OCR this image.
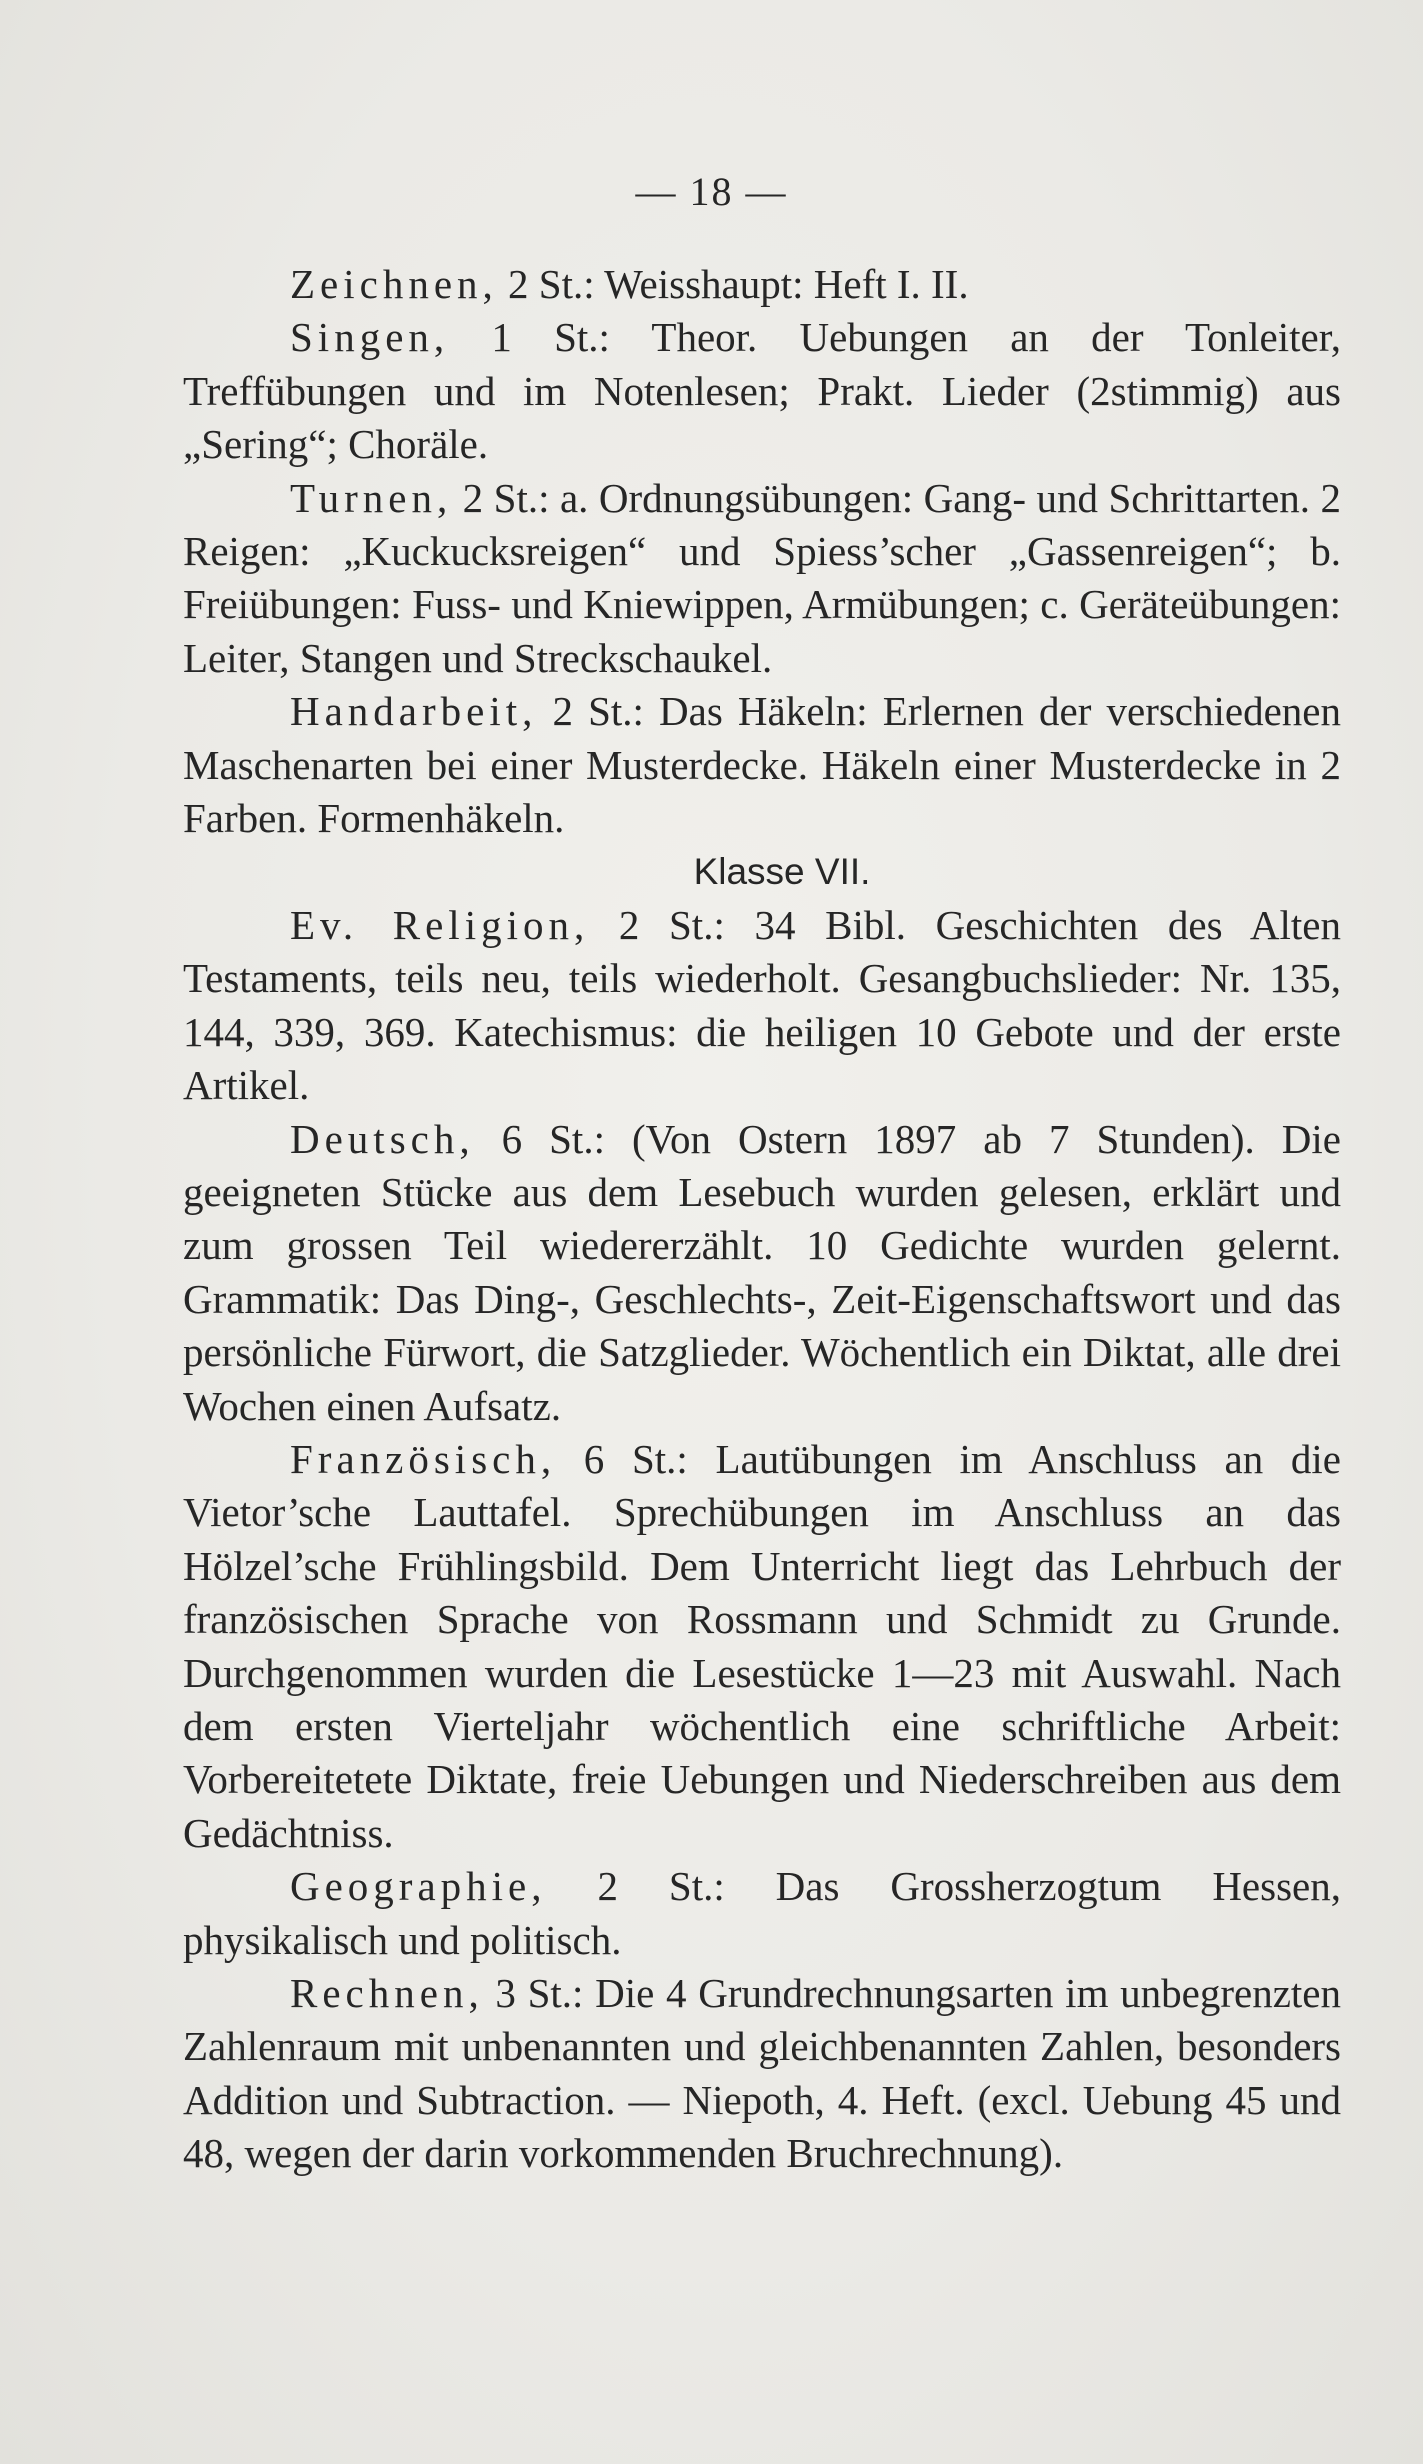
— 18 —

Zeichnen, 2 St.: Weisshaupt: Heft I. II.

Singen, 1 St.: Theor. Uebungen an der Tonleiter, Treffübungen und im Notenlesen; Prakt. Lieder (2stimmig) aus „Sering“; Choräle.

Turnen, 2 St.: a. Ordnungsübungen: Gang- und Schrittarten. 2 Reigen: „Kuckucksreigen“ und Spiess’scher „Gassenreigen“; b. Freiübungen: Fuss- und Kniewippen, Armübungen; c. Geräteübungen: Leiter, Stangen und Streckschaukel.

Handarbeit, 2 St.: Das Häkeln: Erlernen der verschiedenen Maschenarten bei einer Musterdecke. Häkeln einer Musterdecke in 2 Farben. Formenhäkeln.

Klasse VII.

Ev. Religion, 2 St.: 34 Bibl. Geschichten des Alten Testaments, teils neu, teils wiederholt. Gesangbuchslieder: Nr. 135, 144, 339, 369. Katechismus: die heiligen 10 Gebote und der erste Artikel.

Deutsch, 6 St.: (Von Ostern 1897 ab 7 Stunden). Die geeigneten Stücke aus dem Lesebuch wurden gelesen, erklärt und zum grossen Teil wiedererzählt. 10 Gedichte wurden gelernt. Grammatik: Das Ding-, Geschlechts-, Zeit-Eigenschaftswort und das persönliche Fürwort, die Satzglieder. Wöchentlich ein Diktat, alle drei Wochen einen Aufsatz.

Französisch, 6 St.: Lautübungen im Anschluss an die Vietor’sche Lauttafel. Sprechübungen im Anschluss an das Hölzel’sche Frühlingsbild. Dem Unterricht liegt das Lehrbuch der französischen Sprache von Rossmann und Schmidt zu Grunde. Durchgenommen wurden die Lesestücke 1—23 mit Auswahl. Nach dem ersten Vierteljahr wöchentlich eine schriftliche Arbeit: Vorbereitetete Diktate, freie Uebungen und Niederschreiben aus dem Gedächtniss.

Geographie, 2 St.: Das Grossherzogtum Hessen, physikalisch und politisch.

Rechnen, 3 St.: Die 4 Grundrechnungsarten im unbegrenzten Zahlenraum mit unbenannten und gleichbenannten Zahlen, besonders Addition und Subtraction. — Niepoth, 4. Heft. (excl. Uebung 45 und 48, wegen der darin vorkommenden Bruchrechnung).
